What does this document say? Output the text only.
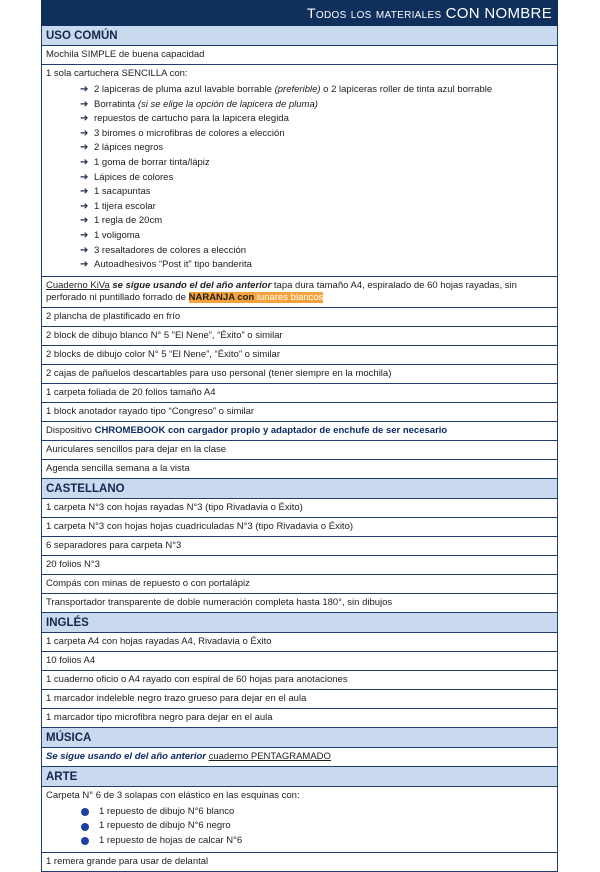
Todos los materiales CON NOMBRE
USO COMÚN
Mochila SIMPLE de buena capacidad
1 sola cartuchera SENCILLA con:
➔ 2 lapiceras de pluma azul lavable borrable (preferible) o 2 lapiceras roller de tinta azul borrable
➔ Borratinta (si se elige la opción de lapicera de pluma)
➔ repuestos de cartucho para la lapicera elegida
➔ 3 biromes o microfibras de colores a elección
➔ 2 lápices negros
➔ 1 goma de borrar tinta/lápiz
➔ Lápices de colores
➔ 1 sacapuntas
➔ 1 tijera escolar
➔ 1 regla de 20cm
➔ 1 voligoma
➔ 3 resaltadores de colores a elección
➔ Autoadhesivos “Post it” tipo banderita
Cuaderno KiVa se sigue usando el del año anterior tapa dura tamaño A4, espiralado de 60 hojas rayadas, sin perforado ni puntillado forrado de NARANJA con lunares blancos
2 plancha de plastificado en frío
2 block de dibujo blanco N° 5 “El Nene”, “Éxito” o similar
2 blocks de dibujo color N° 5 “El Nene”, “Éxito” o similar
2 cajas de pañuelos descartables para uso personal (tener siempre en la mochila)
1 carpeta foliada de 20 folios tamaño A4
1 block anotador rayado tipo “Congreso” o similar
Dispositivo CHROMEBOOK con cargador propio y adaptador de enchufe de ser necesario
Auriculares sencillos para dejar en la clase
Agenda sencilla semana a la vista
CASTELLANO
1 carpeta N°3 con hojas rayadas N°3 (tipo Rivadavia o Éxito)
1 carpeta N°3 con hojas hojas cuadriculadas N°3 (tipo Rivadavia o Éxito)
6 separadores para carpeta N°3
20 folios N°3
Compás con minas de repuesto o con portalápiz
Transportador transparente de doble numeración completa hasta 180°, sin dibujos
INGLÉS
1 carpeta A4 con hojas rayadas A4, Rivadavia o Éxito
10 folios A4
1 cuaderno oficio o A4 rayado con espiral de 60 hojas para anotaciones
1 marcador indeleble negro trazo grueso para dejar en el aula
1 marcador tipo microfibra negro para dejar en el aula
MÚSICA
Se sigue usando el del año anterior cuaderno PENTAGRAMADO
ARTE
Carpeta N° 6 de 3 solapas con elástico en las esquinas con:
1 repuesto de dibujo N°6 blanco
1 repuesto de dibujo N°6 negro
1 repuesto de hojas de calcar N°6
1 remera grande para usar de delantal
